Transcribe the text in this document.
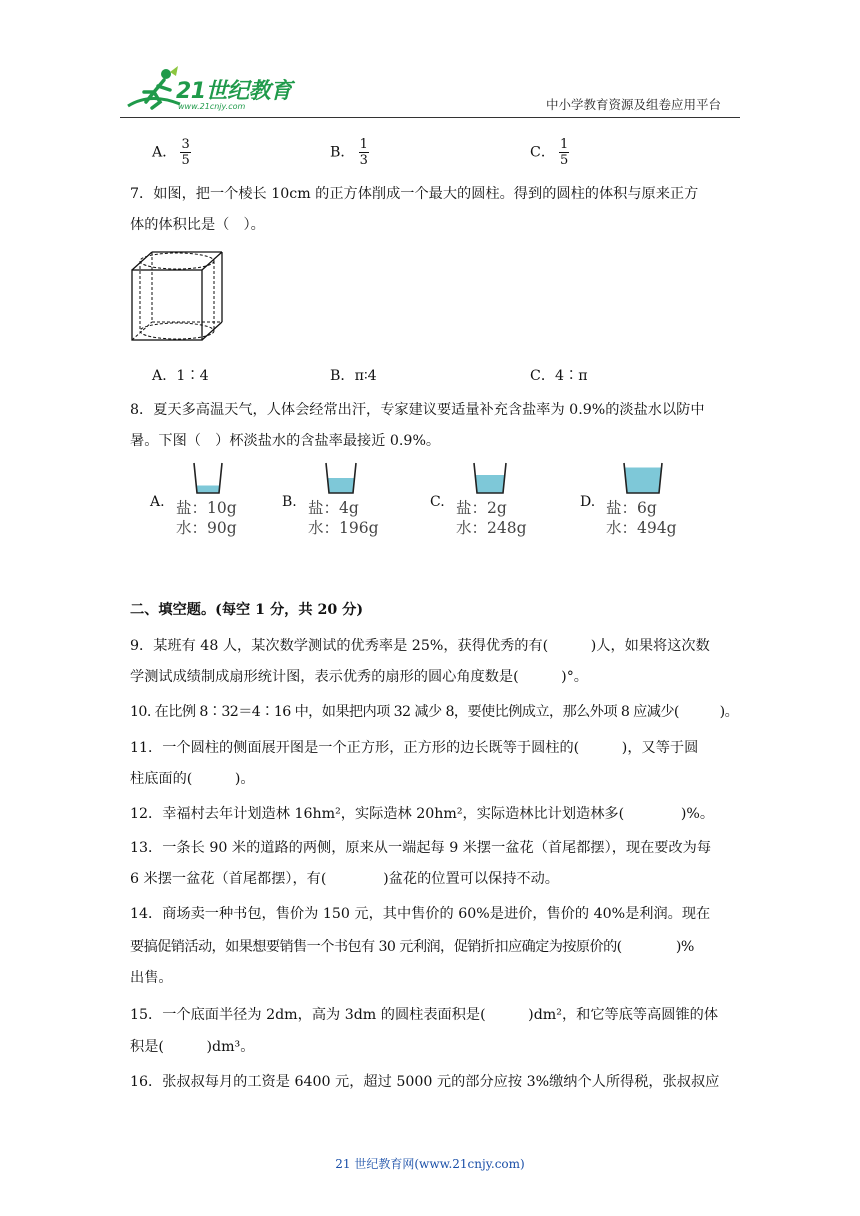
21世纪教育
www.21cnjy.com	中小学教育资源及组卷应用平台
A． $\frac{3}{5}$	B． $\frac{1}{3}$	C． $\frac{1}{5}$
7．如图，把一个棱长 10cm 的正方体削成一个最大的圆柱。得到的圆柱的体积与原来正方
体的体积比是（　）。
A．1∶4	B．π∶4	C．4∶π
8．夏天多高温天气，人体会经常出汗，专家建议要适量补充含盐率为 0.9%的淡盐水以防中
暑。下图（　）杯淡盐水的含盐率最接近 0.9%。
A. 盐：10g
水：90g
B. 盐：4g
水：196g
C. 盐：2g
水：248g
D. 盐：6g
水：494g
二、填空题。(每空 1 分，共 20 分)
9．某班有 48 人，某次数学测试的优秀率是 25%，获得优秀的有(　　　)人，如果将这次数
学测试成绩制成扇形统计图，表示优秀的扇形的圆心角度数是(　　　)°。
10. 在比例 8∶32＝4∶16 中，如果把内项 32 减少 8，要使比例成立，那么外项 8 应减少(　　　)。
11．一个圆柱的侧面展开图是一个正方形，正方形的边长既等于圆柱的(　　　)，又等于圆
柱底面的(　　　)。
12．幸福村去年计划造林 16hm²，实际造林 20hm²，实际造林比计划造林多(　　　　)%。
13．一条长 90 米的道路的两侧，原来从一端起每 9 米摆一盆花（首尾都摆），现在要改为每
6 米摆一盆花（首尾都摆），有(　　　　)盆花的位置可以保持不动。
14．商场卖一种书包，售价为 150 元，其中售价的 60%是进价，售价的 40%是利润。现在
要搞促销活动，如果想要销售一个书包有 30 元利润，促销折扣应确定为按原价的(　　　　)%
出售。
15．一个底面半径为 2dm，高为 3dm 的圆柱表面积是(　　　)dm²，和它等底等高圆锥的体
积是(　　　)dm³。
16．张叔叔每月的工资是 6400 元，超过 5000 元的部分应按 3%缴纳个人所得税，张叔叔应
21 世纪教育网(www.21cnjy.com)
